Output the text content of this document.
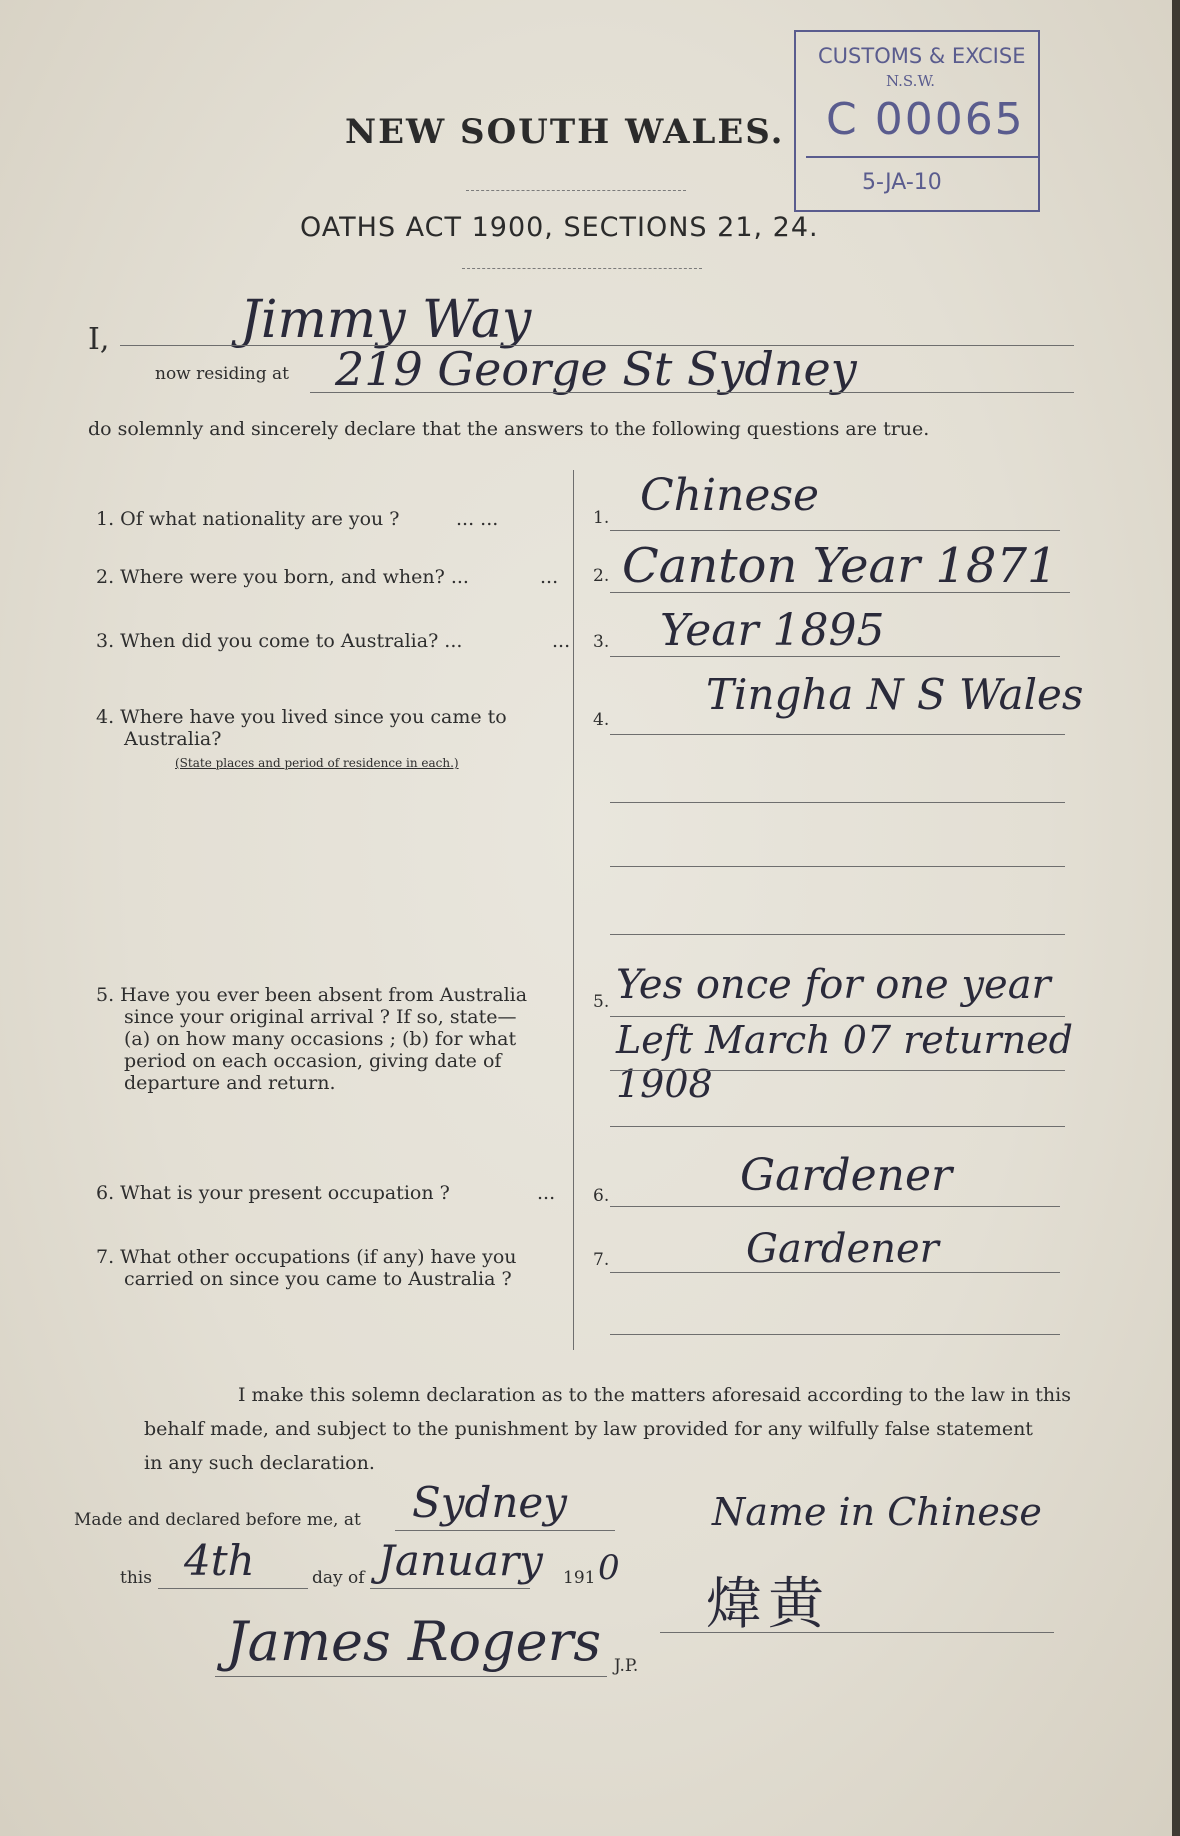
NEW SOUTH WALES.
OATHS ACT 1900, SECTIONS 21, 24.
CUSTOMS & EXCISE
N.S.W.
C 00065
5-JA-10
I,	Jimmy Way
now residing at 219 George St Sydney
do solemnly and sincerely declare that the answers to the following questions are true.
1. Of what nationality are you ?	... ...	1. Chinese
2. Where were you born, and when? ...	... 2. Canton Year 1871
3. When did you come to Australia? ...	... 3. Year 1895
4. Where have you lived since you came to
Australia?
(State places and period of residence in each.)
4.
Tingha N S Wales
5. Have you ever been absent from Australia
since your original arrival ? If so, state—
(a) on how many occasions ; (b) for what
period on each occasion, giving date of
departure and return.
5. Yes once for one year
Left March 07 returned 1908
6. What is your present occupation ?	... 6.	Gardener
7. What other occupations (if any) have you
carried on since you came to Australia ?
7.	Gardener
I make this solemn declaration as to the matters aforesaid according to the law in this
behalf made, and subject to the punishment by law provided for any wilfully false statement
in any such declaration.
Made and declared before me, at Sydney
this 4th	day of January 191 0
James Rogers J.P.
Name in Chinese
煒黄
